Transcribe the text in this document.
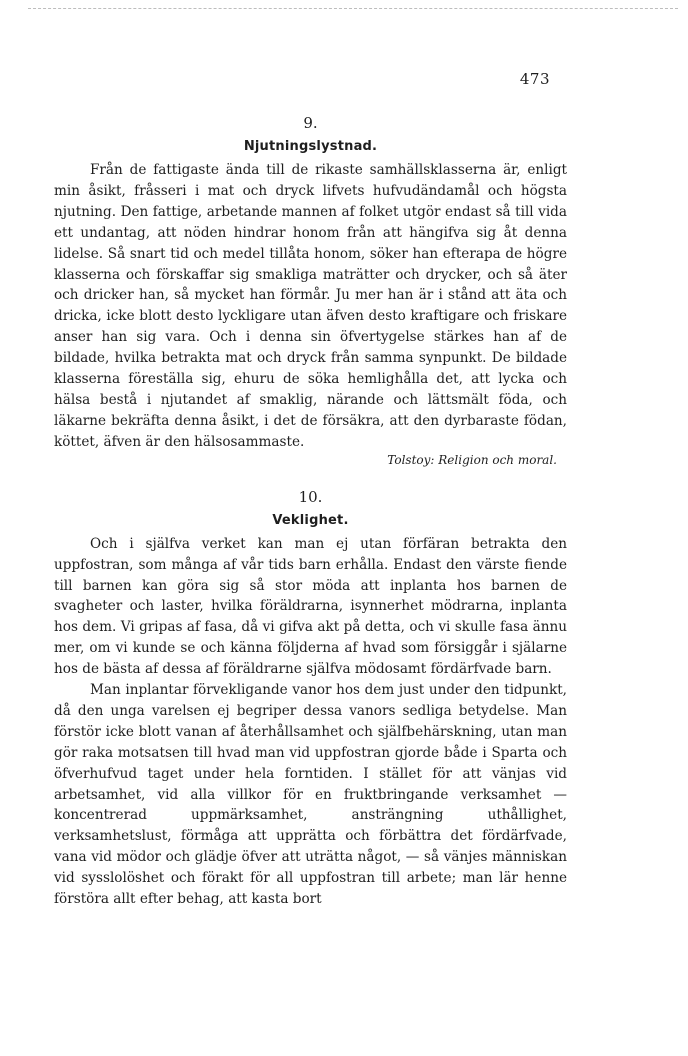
473
9.
Njutningslystnad.

Från de fattigaste ända till de rikaste samhällsklasserna är, enligt min åsikt, fråsseri i mat och dryck lifvets hufvudändamål och högsta njutning. Den fattige, arbetande mannen af folket utgör endast så till vida ett undantag, att nöden hindrar honom från att hängifva sig åt denna lidelse. Så snart tid och medel tillåta honom, söker han efterapa de högre klasserna och förskaffar sig smakliga maträtter och drycker, och så äter och dricker han, så mycket han förmår. Ju mer han är i stånd att äta och dricka, icke blott desto lyckligare utan äfven desto kraftigare och friskare anser han sig vara. Och i denna sin öfvertygelse stärkes han af de bildade, hvilka betrakta mat och dryck från samma synpunkt. De bildade klasserna föreställa sig, ehuru de söka hemlighålla det, att lycka och hälsa bestå i njutandet af smaklig, närande och lättsmält föda, och läkarne bekräfta denna åsikt, i det de försäkra, att den dyrbaraste födan, köttet, äfven är den hälsosammaste.

Tolstoy: Religion och moral.
10.
Veklighet.

Och i själfva verket kan man ej utan förfäran betrakta den uppfostran, som många af vår tids barn erhålla. Endast den värste fiende till barnen kan göra sig så stor möda att inplanta hos barnen de svagheter och laster, hvilka föräldrarna, isynnerhet mödrarna, inplanta hos dem. Vi gripas af fasa, då vi gifva akt på detta, och vi skulle fasa ännu mer, om vi kunde se och känna följderna af hvad som försiggår i själarne hos de bästa af dessa af föräldrarne själfva mödosamt fördärfvade barn.

Man inplantar förvekligande vanor hos dem just under den tidpunkt, då den unga varelsen ej begriper dessa vanors sedliga betydelse. Man förstör icke blott vanan af återhållsamhet och själfbehärskning, utan man gör raka motsatsen till hvad man vid uppfostran gjorde både i Sparta och öfverhufvud taget under hela forntiden. I stället för att vänjas vid arbetsamhet, vid alla villkor för en fruktbringande verksamhet — koncentrerad uppmärksamhet, ansträngning uthållighet, verksamhetslust, förmåga att upprätta och förbättra det fördärfvade, vana vid mödor och glädje öfver att uträtta något, — så vänjes människan vid sysslolöshet och förakt för all uppfostran till arbete; man lär henne förstöra allt efter behag, att kasta bort
